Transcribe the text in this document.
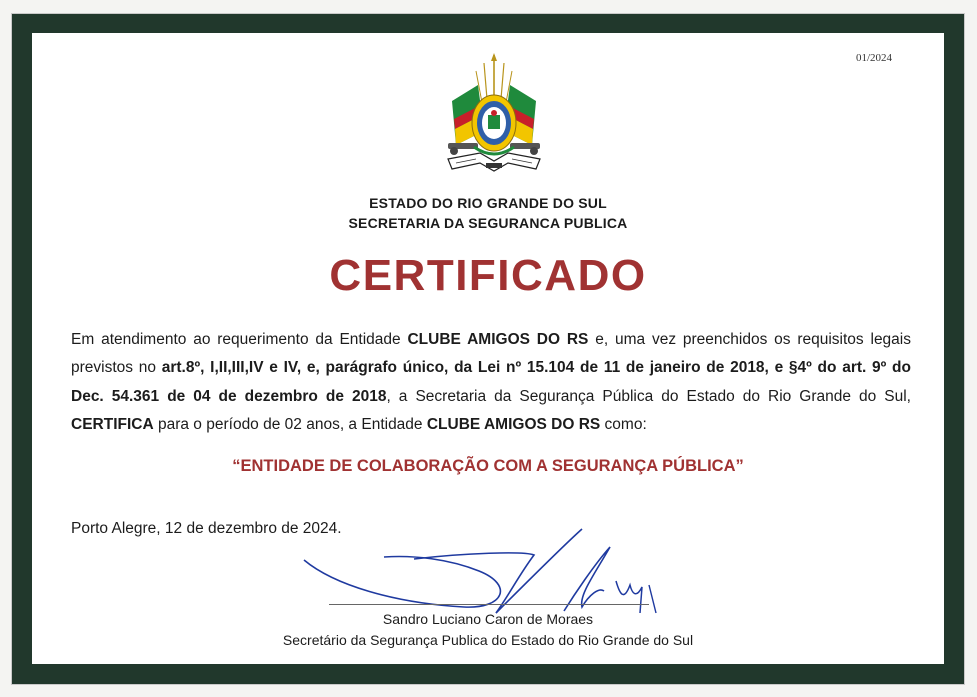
01/2024
ESTADO DO RIO GRANDE DO SUL
SECRETARIA DA SEGURANCA PUBLICA
CERTIFICADO
Em atendimento ao requerimento da Entidade CLUBE AMIGOS DO RS e, uma vez preenchidos os requisitos legais previstos no art.8º, I,II,III,IV e IV, e, parágrafo único, da Lei nº 15.104 de 11 de janeiro de 2018, e §4º do art. 9º do Dec. 54.361 de 04 de dezembro de 2018, a Secretaria da Segurança Pública do Estado do Rio Grande do Sul, CERTIFICA para o período de 02 anos, a Entidade CLUBE AMIGOS DO RS como:
“ENTIDADE DE COLABORAÇÃO COM A SEGURANÇA PÚBLICA”
Porto Alegre, 12 de dezembro de 2024.
Sandro Luciano Caron de Moraes
Secretário da Segurança Publica do Estado do Rio Grande do Sul
